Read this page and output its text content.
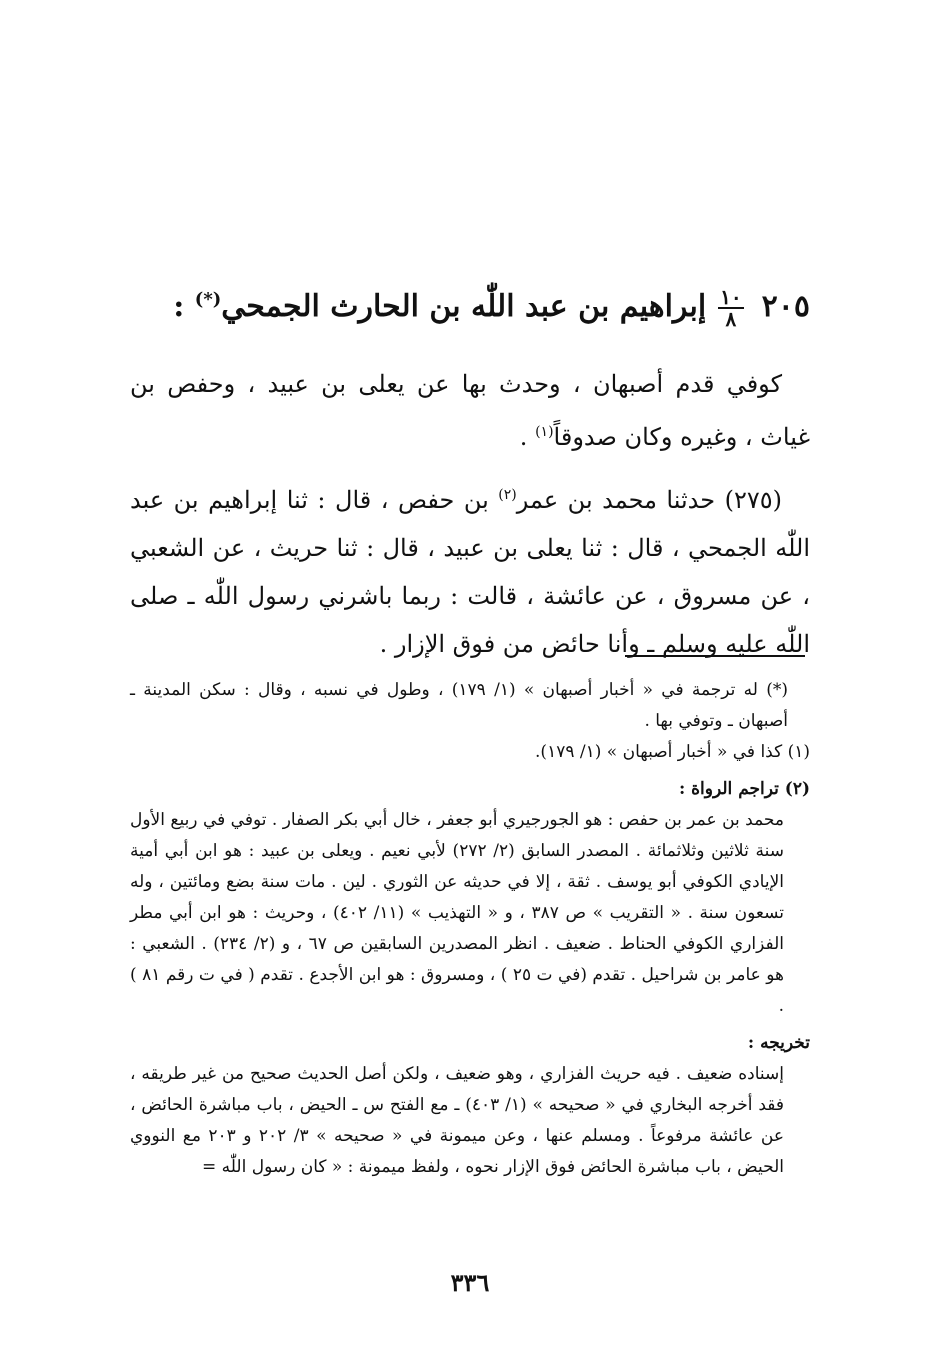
٢٠٥
$\frac{١٠}{٨}$
إبراهيم بن عبد اللّٰه بن الحارث الجمحي(*) :

كوفي قدم أصبهان ، وحدث بها عن يعلى بن عبيد ، وحفص بن غياث ، وغيره وكان صدوقاً$^{(١)}$ .

(٢٧٥) حدثنا محمد بن عمر$^{(٢)}$ بن حفص ، قال : ثنا إبراهيم بن عبد اللّٰه الجمحي ، قال : ثنا يعلى بن عبيد ، قال : ثنا حريث ، عن الشعبي ، عن مسروق ، عن عائشة ، قالت : ربما باشرني رسول اللّٰه ـ صلى اللّٰه عليه وسلم ـ وأنا حائض من فوق الإزار .

(*) له ترجمة في « أخبار أصبهان » (١/ ١٧٩) ، وطول في نسبه ، وقال : سكن المدينة ـ أصبهان ـ وتوفي بها .

(١) كذا في « أخبار أصبهان » (١/ ١٧٩).

(٢) تراجم الرواة :

محمد بن عمر بن حفص : هو الجورجيري أبو جعفر ، خال أبي بكر الصفار . توفي في ربيع الأول سنة ثلاثين وثلاثمائة . المصدر السابق (٢/ ٢٧٢) لأبي نعيم . ويعلى بن عبيد : هو ابن أبي أمية الإيادي الكوفي أبو يوسف . ثقة ، إلا في حديثه عن الثوري . لين . مات سنة بضع ومائتين ، وله تسعون سنة . « التقريب » ص ٣٨٧ ، و « التهذيب » (١١/ ٤٠٢) ، وحريث : هو ابن أبي مطر الفزاري الكوفي الحناط . ضعيف . انظر المصدرين السابقين ص ٦٧ ، و (٢/ ٢٣٤) . الشعبي : هو عامر بن شراحيل . تقدم (في ت ٢٥ ) ، ومسروق : هو ابن الأجدع . تقدم ( في ت رقم ٨١ ) .

تخريجه :

إسناده ضعيف . فيه حريث الفزاري ، وهو ضعيف ، ولكن أصل الحديث صحيح من غير طريقه ، فقد أخرجه البخاري في « صحيحه » (١/ ٤٠٣) ـ مع الفتح س ـ الحيض ، باب مباشرة الحائض ، عن عائشة مرفوعاً . ومسلم عنها ، وعن ميمونة في « صحيحه » ٣/ ٢٠٢ و ٢٠٣ مع النووي الحيض ، باب مباشرة الحائض فوق الإزار نحوه ، ولفظ ميمونة : « كان رسول اللّٰه =

٣٣٦
